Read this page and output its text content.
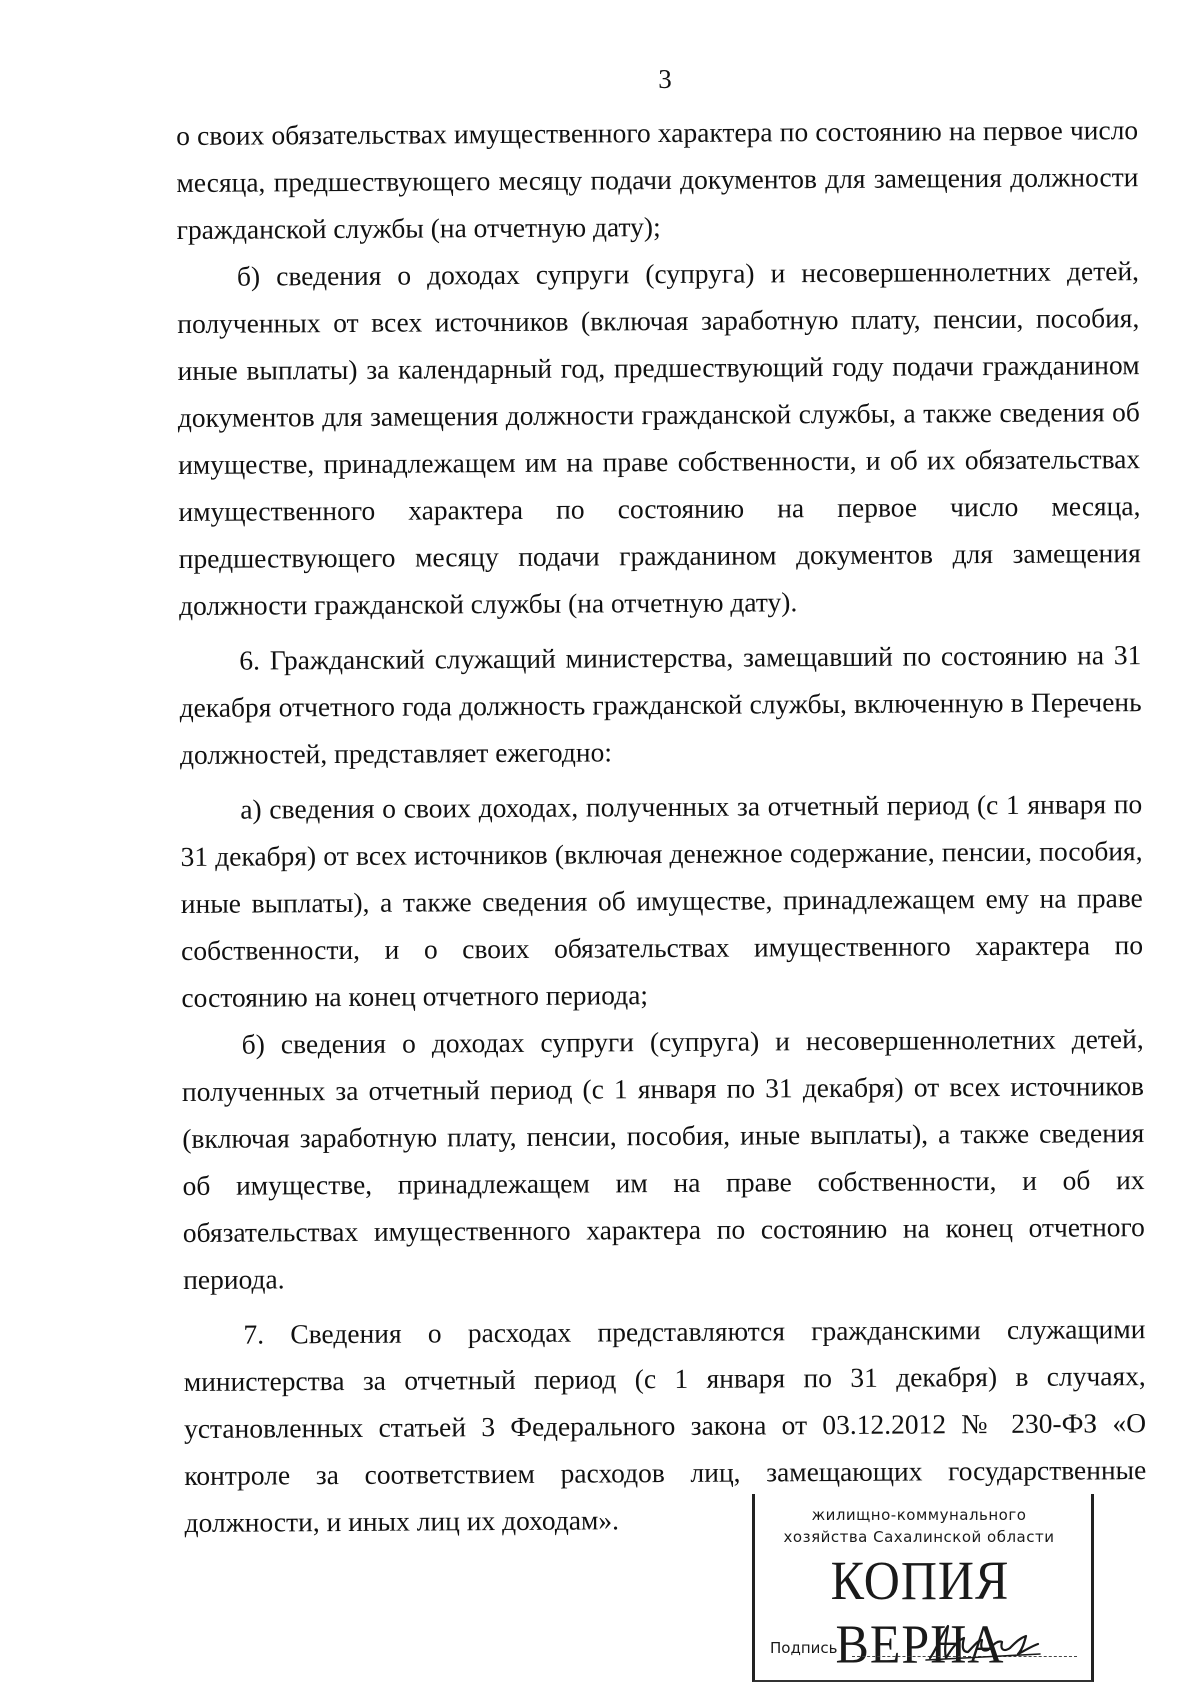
3

о своих обязательствах имущественного характера по состоянию на первое число месяца, предшествующего месяцу подачи документов для замещения должности гражданской службы (на отчетную дату);

б) сведения о доходах супруги (супруга) и несовершеннолетних детей, полученных от всех источников (включая заработную плату, пенсии, пособия, иные выплаты) за календарный год, предшествующий году подачи гражданином документов для замещения должности гражданской службы, а также сведения об имуществе, принадлежащем им на праве собственности, и об их обязательствах имущественного характера по состоянию на первое число месяца, предшествующего месяцу подачи гражданином документов для замещения должности гражданской службы (на отчетную дату).

6. Гражданский служащий министерства, замещавший по состоянию на 31 декабря отчетного года должность гражданской службы, включенную в Перечень должностей, представляет ежегодно:

а) сведения о своих доходах, полученных за отчетный период (с 1 января по 31 декабря) от всех источников (включая денежное содержание, пенсии, пособия, иные выплаты), а также сведения об имуществе, принадлежащем ему на праве собственности, и о своих обязательствах имущественного характера по состоянию на конец отчетного периода;

б) сведения о доходах супруги (супруга) и несовершеннолетних детей, полученных за отчетный период (с 1 января по 31 декабря) от всех источников (включая заработную плату, пенсии, пособия, иные выплаты), а также сведения об имуществе, принадлежащем им на праве собственности, и об их обязательствах имущественного характера по состоянию на конец отчетного периода.

7. Сведения о расходах представляются гражданскими служащими министерства за отчетный период (с 1 января по 31 декабря) в случаях, установленных статьей 3 Федерального закона от 03.12.2012 № 230-ФЗ «О контроле за соответствием расходов лиц, замещающих государственные должности, и иных лиц их доходам».	жилищно-коммунального
хозяйства Сахалинской области
КОПИЯ ВЕРНА
Подпись
